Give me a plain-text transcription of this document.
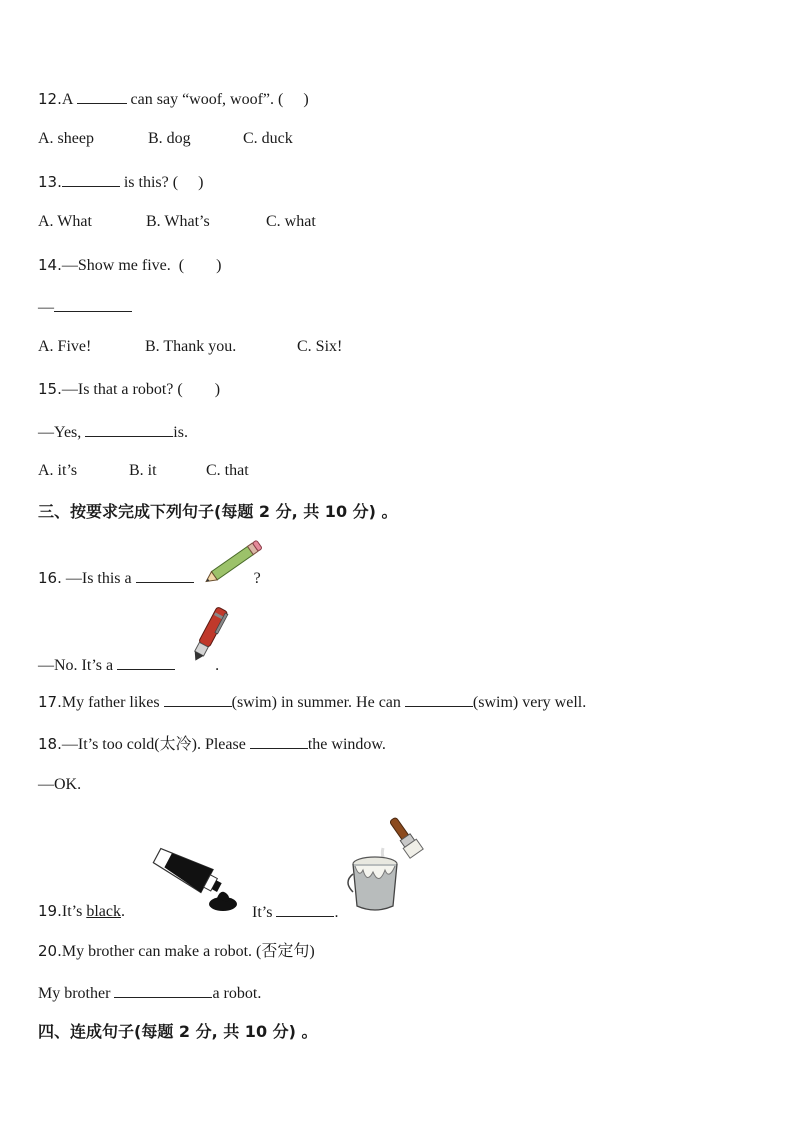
12.A	can say “woof, woof”. (     )
A. sheep	B. dog	C. duck
13.	is this? (     )
A. What	B. What’s	C. what
14.—Show me five.  (        )
—
A. Five!	B. Thank you.	C. Six!
15.—Is that a robot? (        )
—Yes,	is.
A. it’s	B. it	C. that
三、按要求完成下列句子(每题 2 分, 共 10 分) 。
16. —Is this a	?
—No. It’s a	.
17.My father likes	(swim) in summer. He can	(swim) very well.
18.—It’s too cold(太冷). Please	the window.
—OK.
19.It’s black.	It’s	.
20.My brother can make a robot. (否定句)
My brother	a robot.
四、连成句子(每题 2 分, 共 10 分) 。
